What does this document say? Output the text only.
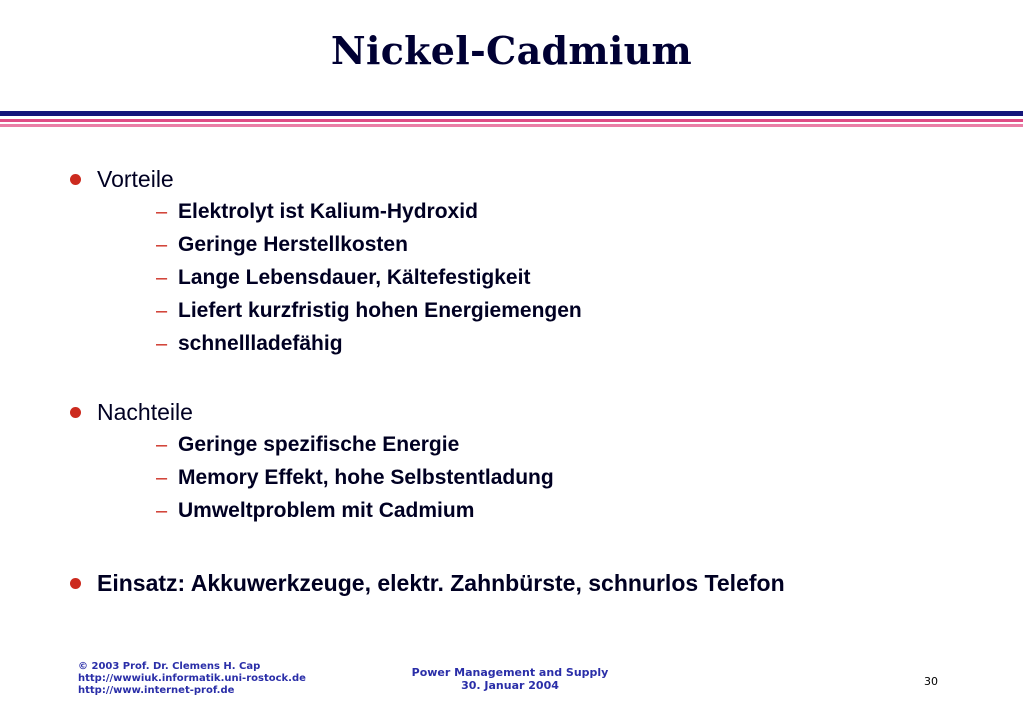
Nickel-Cadmium
Vorteile
– Elektrolyt ist Kalium-Hydroxid
– Geringe Herstellkosten
– Lange Lebensdauer, Kältefestigkeit
– Liefert kurzfristig hohen Energiemengen
– schnellladefähig
Nachteile
– Geringe spezifische Energie
– Memory Effekt, hohe Selbstentladung
– Umweltproblem mit Cadmium
Einsatz: Akkuwerkzeuge, elektr. Zahnbürste, schnurlos Telefon
© 2003 Prof. Dr. Clemens H. Cap
http://wwwiuk.informatik.uni-rostock.de
http://www.internet-prof.de
Power Management and Supply
30. Januar 2004	30
